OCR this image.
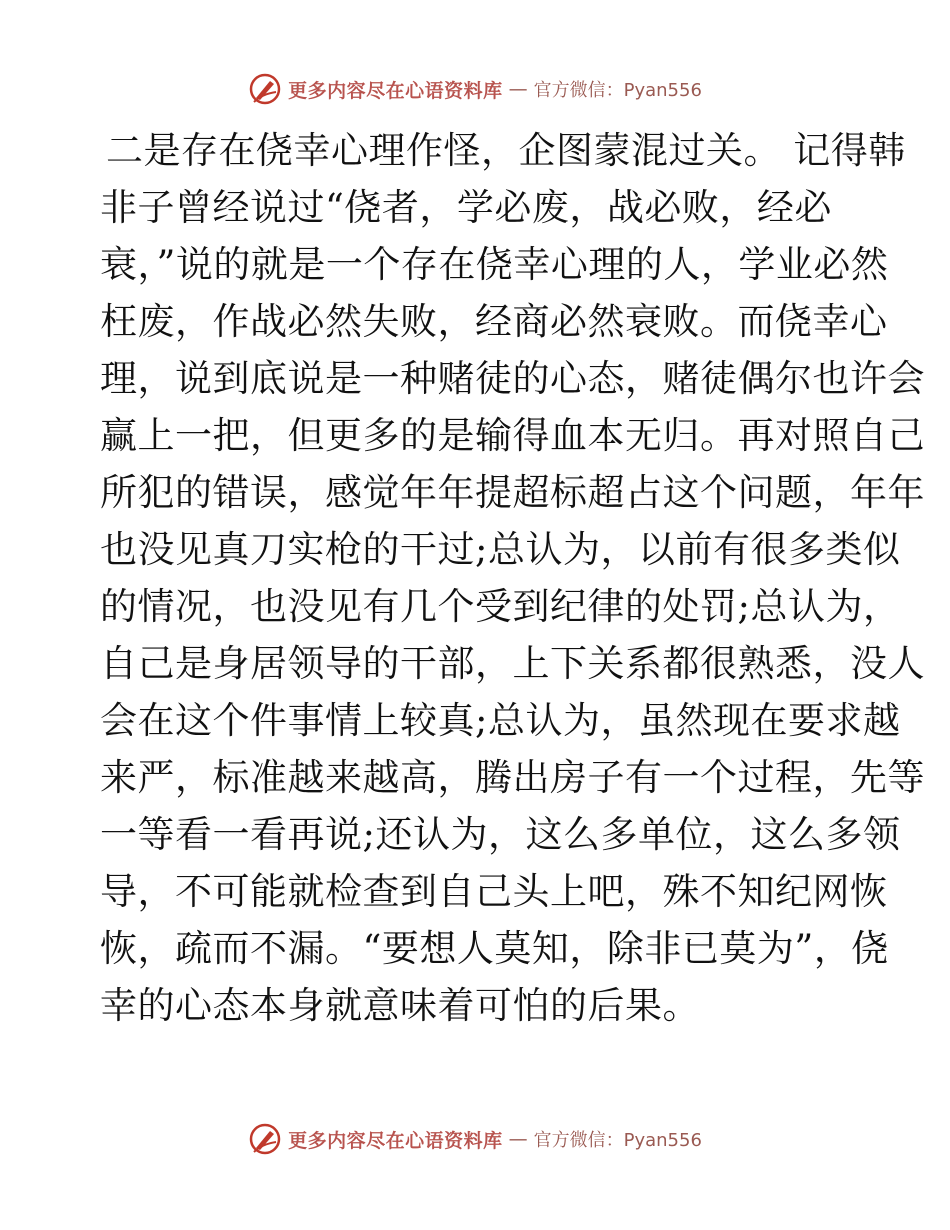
更多内容尽在心语资料库 — 官方微信：Pyan556
二是存在侥幸心理作怪，企图蒙混过关。 记得韩
非子曾经说过“侥者，学必废，战必败，经必
衰，”说的就是一个存在侥幸心理的人，学业必然
枉废，作战必然失败，经商必然衰败。而侥幸心
理，说到底说是一种赌徒的心态，赌徒偶尔也许会
赢上一把，但更多的是输得血本无归。再对照自己
所犯的错误，感觉年年提超标超占这个问题，年年
也没见真刀实枪的干过;总认为，以前有很多类似
的情况，也没见有几个受到纪律的处罚;总认为，
自己是身居领导的干部，上下关系都很熟悉，没人
会在这个件事情上较真;总认为，虽然现在要求越
来严，标准越来越高，腾出房子有一个过程，先等
一等看一看再说;还认为，这么多单位，这么多领
导，不可能就检查到自己头上吧，殊不知纪网恢
恢，疏而不漏。“要想人莫知，除非已莫为”，侥
幸的心态本身就意味着可怕的后果。
更多内容尽在心语资料库 — 官方微信：Pyan556
